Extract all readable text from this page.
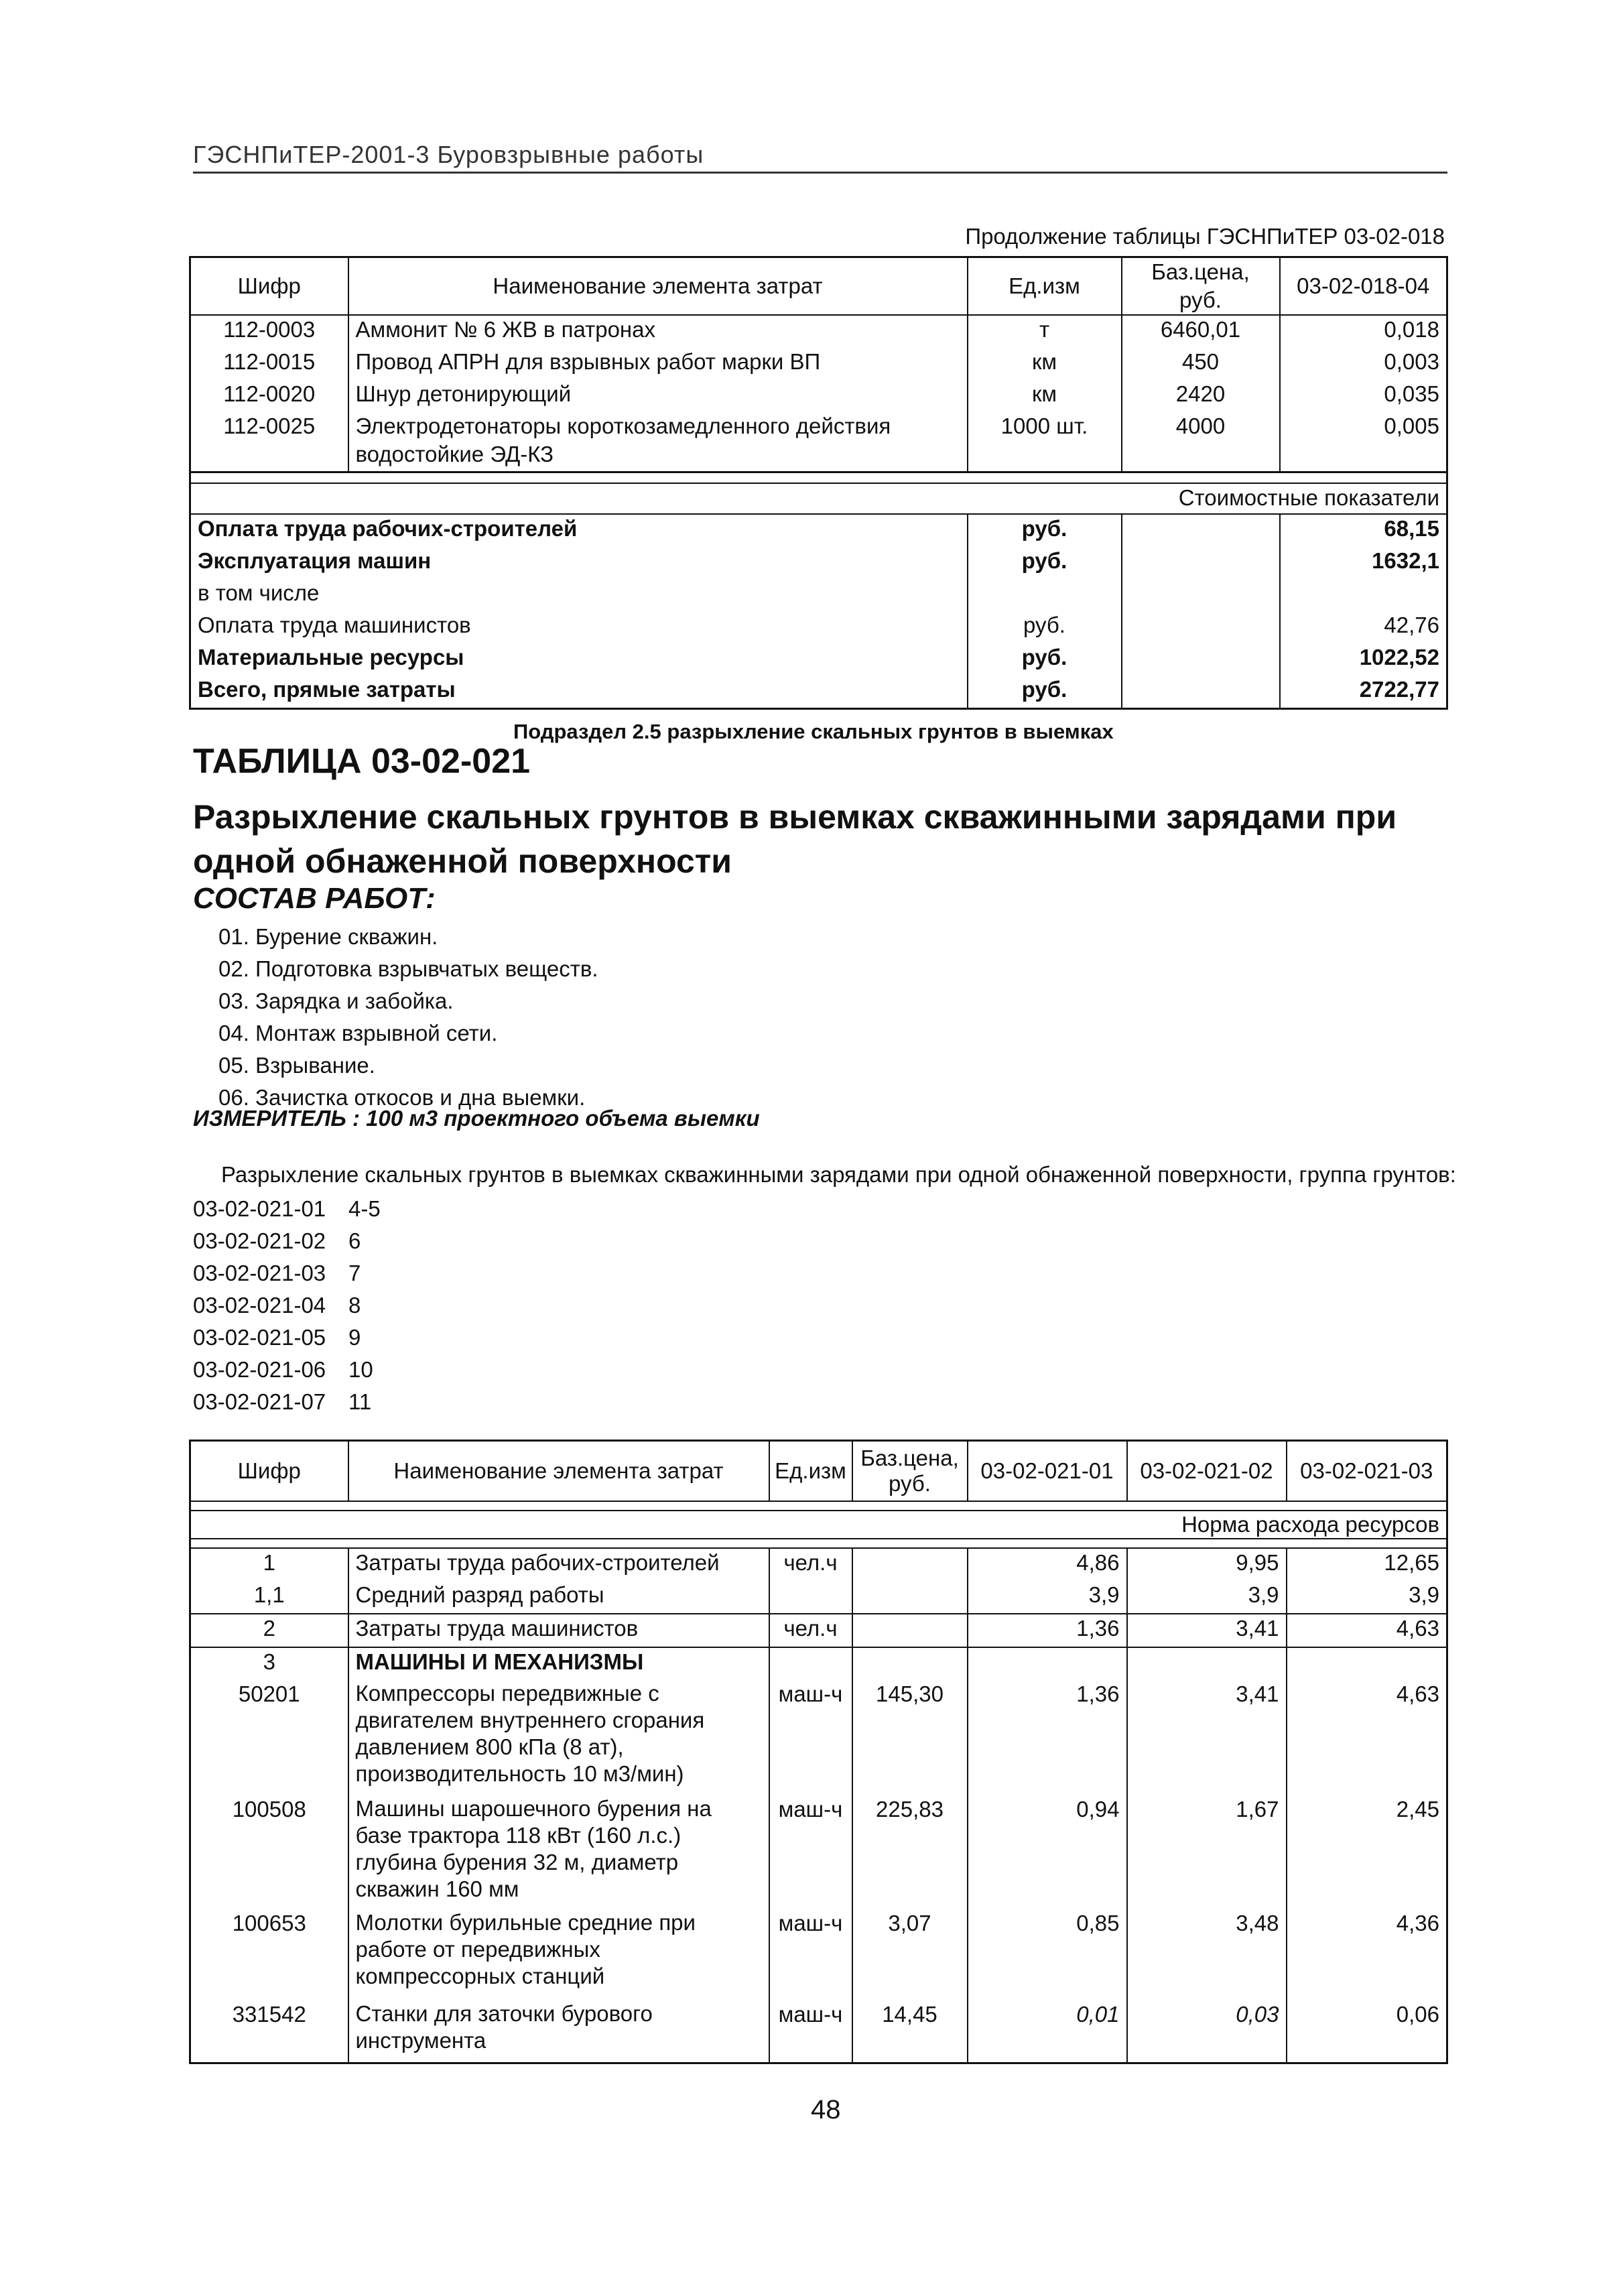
ГЭСНПиТЕР-2001-3 Буровзрывные работы
Продолжение таблицы ГЭСНПиТЕР 03-02-018
Шифр	Наименование элемента затрат	Ед.изм	Баз.цена, руб.	03-02-018-04
112-0003	Аммонит № 6 ЖВ в патронах	т	6460,01	0,018
112-0015	Провод АПРН для взрывных работ марки ВП	км	450	0,003
112-0020	Шнур детонирующий	км	2420	0,035
112-0025	Электродетонаторы короткозамедленного действия водостойкие ЭД-КЗ	1000 шт.	4000	0,005

Стоимостные показатели				
Оплата труда рабочих-строителей		руб.		68,15
Эксплуатация машин		руб.		1632,1
в том числе				
Оплата труда машинистов		руб.		42,76
Материальные ресурсы		руб.		1022,52
Всего, прямые затраты		руб.		2722,77
Подраздел 2.5 разрыхление скальных грунтов в выемках
ТАБЛИЦА 03-02-021
Разрыхление скальных грунтов в выемках скважинными зарядами при одной обнаженной поверхности
СОСТАВ РАБОТ:
01. Бурение скважин.
02. Подготовка взрывчатых веществ.
03. Зарядка и забойка.
04. Монтаж взрывной сети.
05. Взрывание.
06. Зачистка откосов и дна выемки.
ИЗМЕРИТЕЛЬ : 100 м3 проектного объема выемки
Разрыхление скальных грунтов в выемках скважинными зарядами при одной обнаженной поверхности, группа грунтов:
03-02-021-01 4-5
03-02-021-02 6
03-02-021-03 7
03-02-021-04 8
03-02-021-05 9
03-02-021-06 10
03-02-021-07 11
Шифр	Наименование элемента затрат	Ед.изм	Баз.цена, руб.	03-02-021-01	03-02-021-02	03-02-021-03

Норма расхода ресурсов						

1	Затраты труда рабочих-строителей	чел.ч		4,86	9,95	12,65
1,1	Средний разряд работы			3,9	3,9	3,9
2	Затраты труда машинистов	чел.ч		1,36	3,41	4,63
3	МАШИНЫ И МЕХАНИЗМЫ					
50201	Компрессоры передвижные с двигателем внутреннего сгорания давлением 800 кПа (8 ат), производительность 10 м3/мин)	маш-ч	145,30	1,36	3,41	4,63
100508	Машины шарошечного бурения на базе трактора 118 кВт (160 л.с.) глубина бурения 32 м, диаметр скважин 160 мм	маш-ч	225,83	0,94	1,67	2,45
100653	Молотки бурильные средние при работе от передвижных компрессорных станций	маш-ч	3,07	0,85	3,48	4,36
331542	Станки для заточки бурового инструмента	маш-ч	14,45	0,01	0,03	0,06
48
